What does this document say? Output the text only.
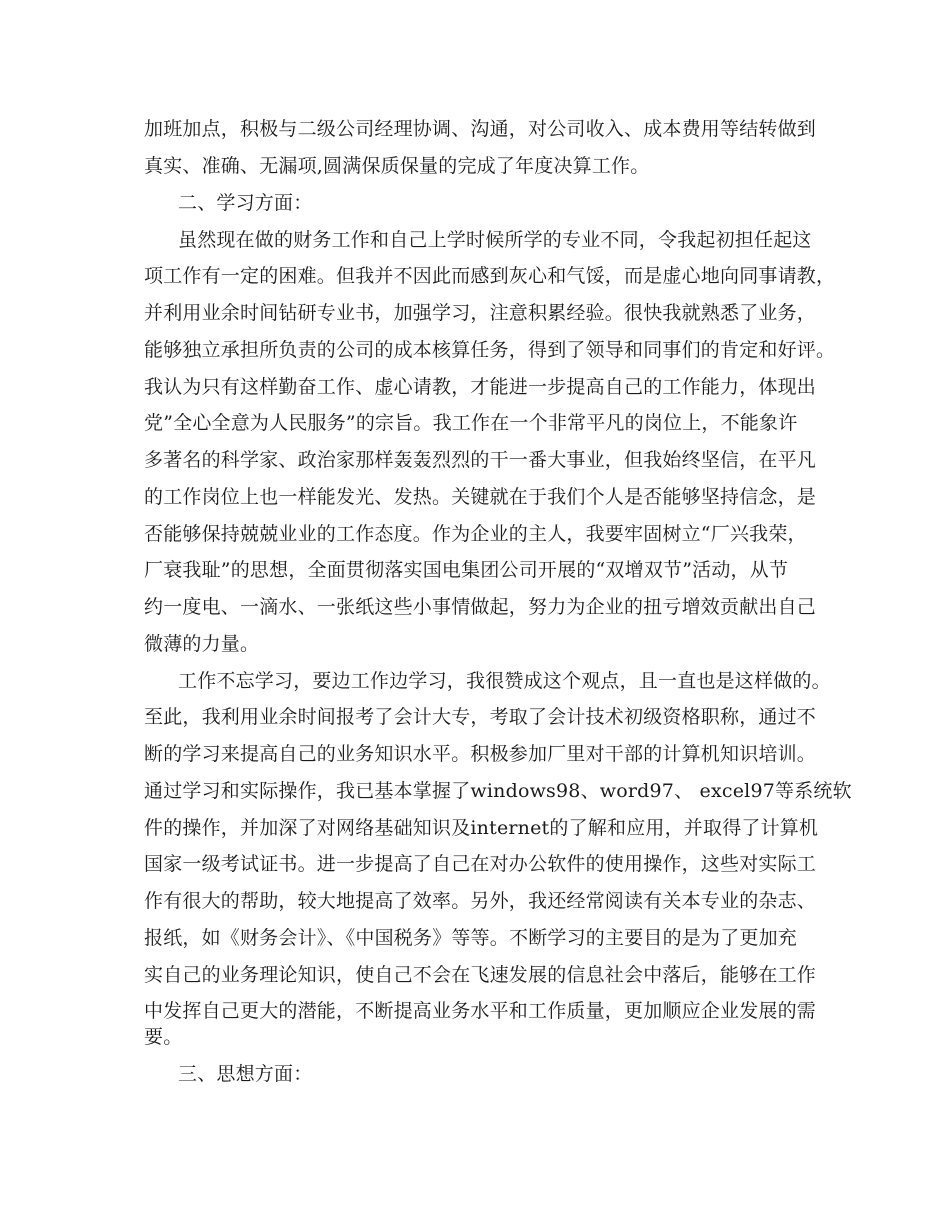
加班加点，积极与二级公司经理协调、沟通，对公司收入、成本费用等结转做到
真实、准确、无漏项,圆满保质保量的完成了年度决算工作。
二、学习方面：
虽然现在做的财务工作和自己上学时候所学的专业不同，令我起初担任起这
项工作有一定的困难。但我并不因此而感到灰心和气馁，而是虚心地向同事请教，
并利用业余时间钻研专业书，加强学习，注意积累经验。很快我就熟悉了业务，
能够独立承担所负责的公司的成本核算任务，得到了领导和同事们的肯定和好评。
我认为只有这样勤奋工作、虚心请教，才能进一步提高自己的工作能力，体现出
党”全心全意为人民服务”的宗旨。我工作在一个非常平凡的岗位上，不能象许
多著名的科学家、政治家那样轰轰烈烈的干一番大事业，但我始终坚信，在平凡
的工作岗位上也一样能发光、发热。关键就在于我们个人是否能够坚持信念，是
否能够保持兢兢业业的工作态度。作为企业的主人，我要牢固树立“厂兴我荣，
厂衰我耻”的思想，全面贯彻落实国电集团公司开展的“双增双节”活动，从节
约一度电、一滴水、一张纸这些小事情做起，努力为企业的扭亏增效贡献出自己
微薄的力量。
工作不忘学习，要边工作边学习，我很赞成这个观点，且一直也是这样做的。
至此，我利用业余时间报考了会计大专，考取了会计技术初级资格职称，通过不
断的学习来提高自己的业务知识水平。积极参加厂里对干部的计算机知识培训。
通过学习和实际操作，我已基本掌握了windows98、word97、 excel97等系统软
件的操作，并加深了对网络基础知识及internet的了解和应用，并取得了计算机
国家一级考试证书。进一步提高了自己在对办公软件的使用操作，这些对实际工
作有很大的帮助，较大地提高了效率。另外，我还经常阅读有关本专业的杂志、
报纸，如《财务会计》、《中国税务》等等。不断学习的主要目的是为了更加充
实自己的业务理论知识，使自己不会在飞速发展的信息社会中落后，能够在工作
中发挥自己更大的潜能，不断提高业务水平和工作质量，更加顺应企业发展的需
要。
三、思想方面：
